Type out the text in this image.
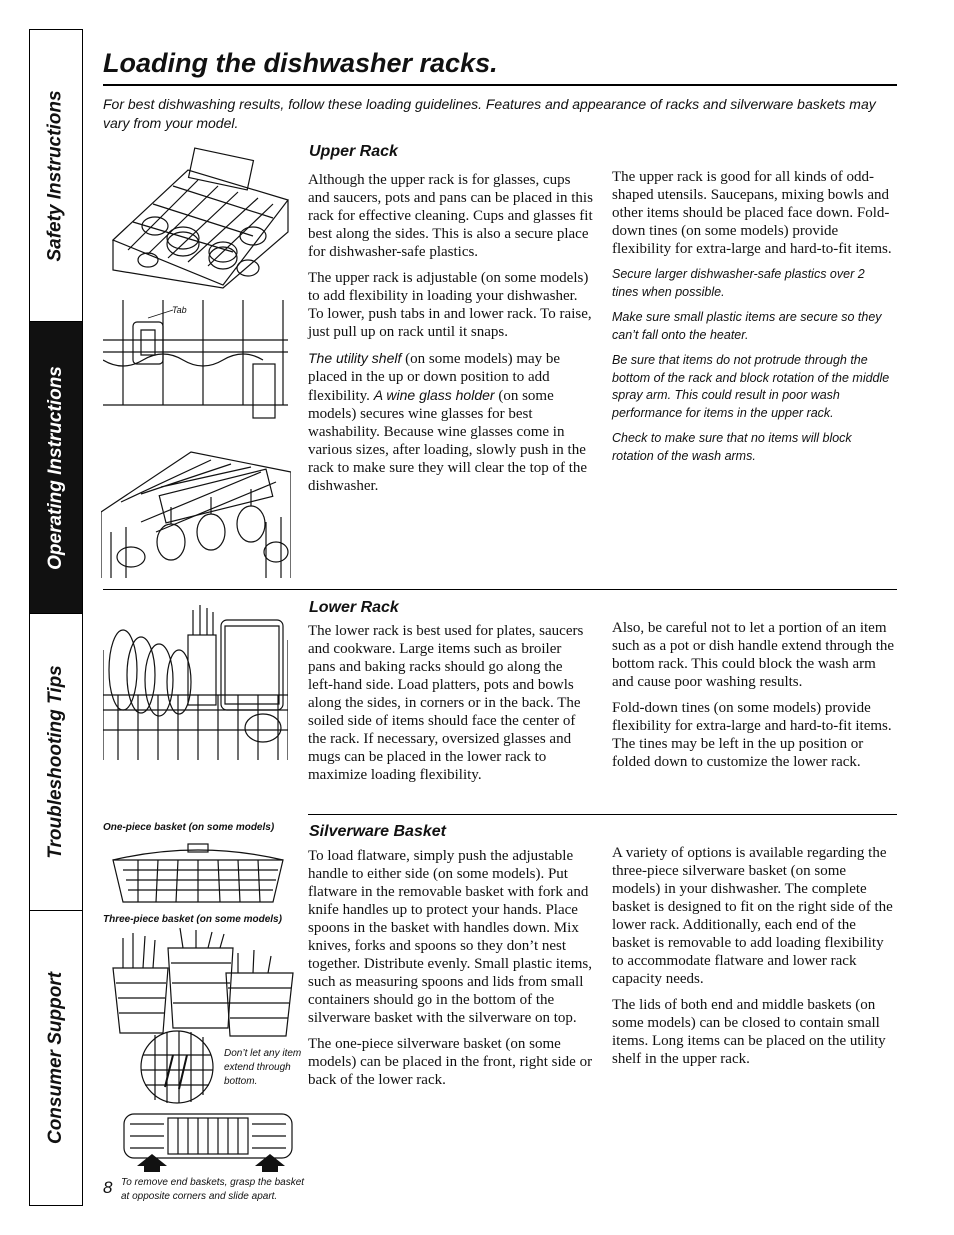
Safety Instructions
Operating Instructions
Troubleshooting Tips
Consumer Support
Loading the dishwasher racks.

For best dishwashing results, follow these loading guidelines. Features and appearance of racks and silverware baskets may vary from your model.

Tab
Upper Rack

Although the upper rack is for glasses, cups and saucers, pots and pans can be placed in this rack for effective cleaning. Cups and glasses fit best along the sides. This is also a secure place for dishwasher-safe plastics.

The upper rack is adjustable (on some models) to add flexibility in loading your dishwasher. To lower, push tabs in and lower rack. To raise, just pull up on rack until it snaps.

The utility shelf (on some models) may be placed in the up or down position to add flexibility. A wine glass holder (on some models) secures wine glasses for best washability. Because wine glasses come in various sizes, after loading, slowly push in the rack to make sure they will clear the top of the dishwasher.

The upper rack is good for all kinds of odd-shaped utensils. Saucepans, mixing bowls and other items should be placed face down. Fold-down tines (on some models) provide flexibility for extra-large and hard-to-fit items.

Secure larger dishwasher-safe plastics over 2 tines when possible.

Make sure small plastic items are secure so they can’t fall onto the heater.

Be sure that items do not protrude through the bottom of the rack and block rotation of the middle spray arm. This could result in poor wash performance for items in the upper rack.

Check to make sure that no items will block rotation of the wash arms.

Lower Rack

The lower rack is best used for plates, saucers and cookware. Large items such as broiler pans and baking racks should go along the left-hand side. Load platters, pots and bowls along the sides, in corners or in the back. The soiled side of items should face the center of the rack. If necessary, oversized glasses and mugs can be placed in the lower rack to maximize loading flexibility.

Also, be careful not to let a portion of an item such as a pot or dish handle extend through the bottom rack. This could block the wash arm and cause poor washing results.

Fold-down tines (on some models) provide flexibility for extra-large and hard-to-fit items. The tines may be left in the up position or folded down to customize the lower rack.

One-piece basket (on some models)
Three-piece basket (on some models)
Don’t let any item extend through bottom.
To remove end baskets, grasp the basket at opposite corners and slide apart.
Silverware Basket

To load flatware, simply push the adjustable handle to either side (on some models). Put flatware in the removable basket with fork and knife handles up to protect your hands. Place spoons in the basket with handles down. Mix knives, forks and spoons so they don’t nest together. Distribute evenly. Small plastic items, such as measuring spoons and lids from small containers should go in the bottom of the silverware basket with the silverware on top.

The one-piece silverware basket (on some models) can be placed in the front, right side or back of the lower rack.

A variety of options is available regarding the three-piece silverware basket (on some models) in your dishwasher. The complete basket is designed to fit on the right side of the lower rack. Additionally, each end of the basket is removable to add loading flexibility to accommodate flatware and lower rack capacity needs.

The lids of both end and middle baskets (on some models) can be closed to contain small items. Long items can be placed on the utility shelf in the upper rack.

8
